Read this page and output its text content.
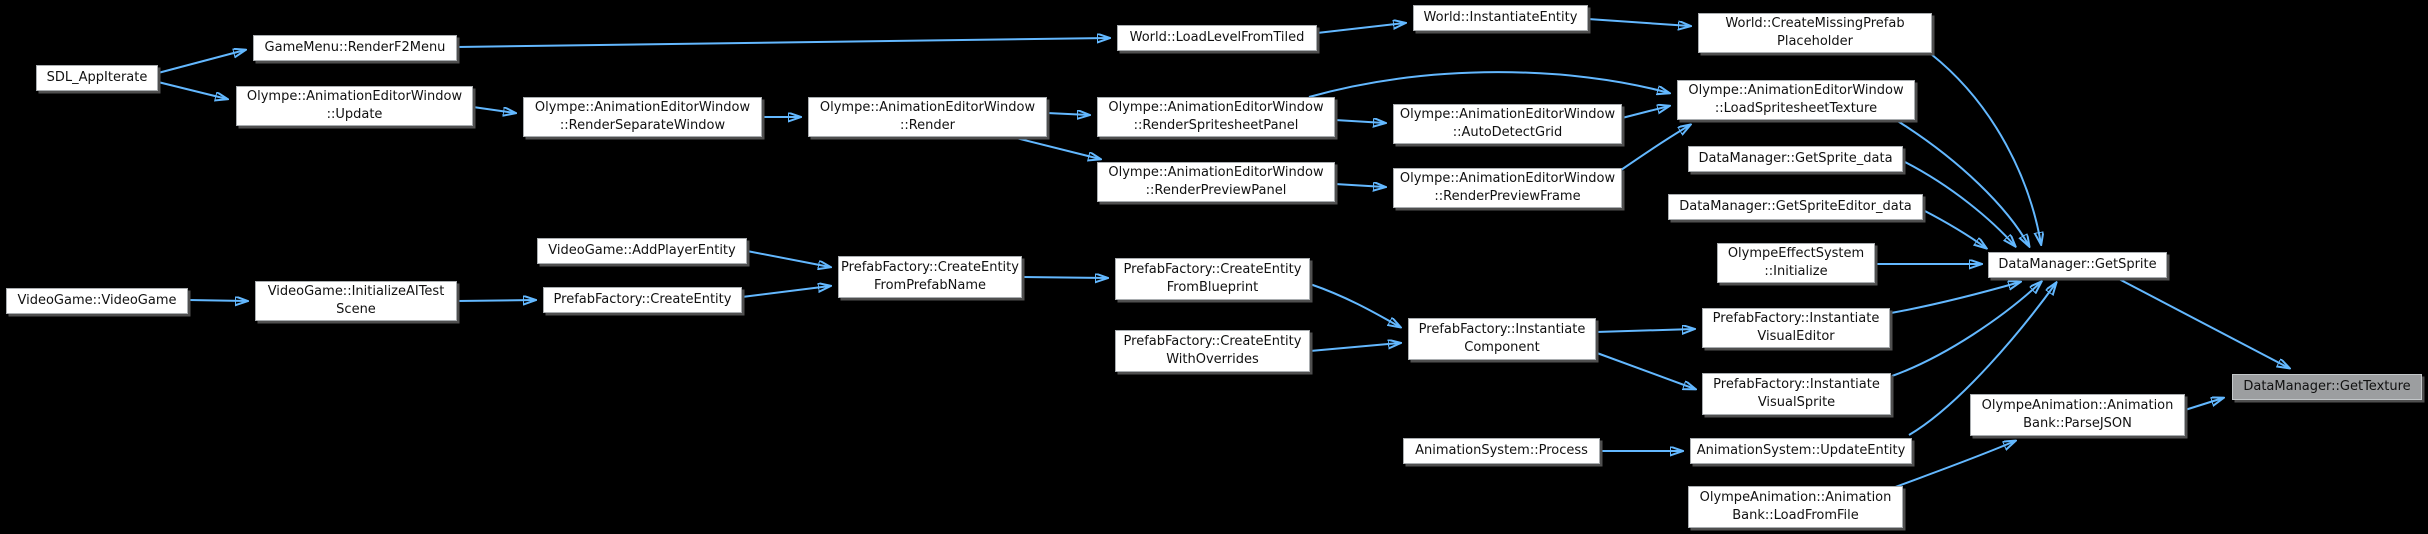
SDL_AppIterate
GameMenu::RenderF2Menu
Olympe::AnimationEditorWindow
::Update	Olympe::AnimationEditorWindow
::RenderSeparateWindow
Olympe::AnimationEditorWindow
::Render
World::LoadLevelFromTiled
World::InstantiateEntity	World::CreateMissingPrefab
Placeholder
Olympe::AnimationEditorWindow
::RenderSpritesheetPanel
Olympe::AnimationEditorWindow
::AutoDetectGrid
Olympe::AnimationEditorWindow
::LoadSpritesheetTexture
Olympe::AnimationEditorWindow
::RenderPreviewPanel
Olympe::AnimationEditorWindow
::RenderPreviewFrame
DataManager::GetSprite_data
DataManager::GetSpriteEditor_data
OlympeEffectSystem
::Initialize	DataManager::GetSprite
DataManager::GetTexture
VideoGame::VideoGame
VideoGame::InitializeAITest
Scene
VideoGame::AddPlayerEntity
PrefabFactory::CreateEntity
PrefabFactory::CreateEntity
FromPrefabName
PrefabFactory::CreateEntity
FromBlueprint
PrefabFactory::CreateEntity
WithOverrides
PrefabFactory::Instantiate
Component
PrefabFactory::Instantiate
VisualEditor
PrefabFactory::Instantiate
VisualSprite
AnimationSystem::Process	AnimationSystem::UpdateEntity
OlympeAnimation::Animation
Bank::ParseJSON
OlympeAnimation::Animation
Bank::LoadFromFile
